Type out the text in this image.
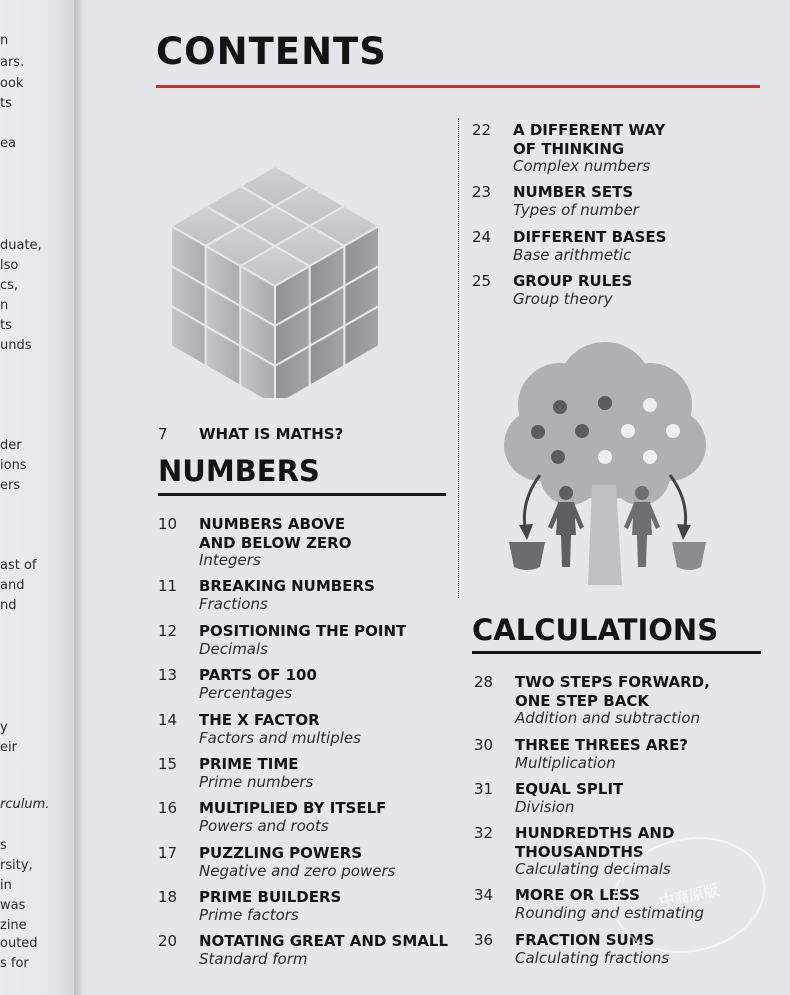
n
ars.
ook
ts
ea
duate,
lso
cs,
n
ts
unds
der
ions
ers
ast of
and
nd
y
eir
rculum.
s
rsity,
in
was
zine
outed
s for
CONTENTS
7 WHAT IS MATHS?
NUMBERS
10 NUMBERS ABOVE
AND BELOW ZERO
Integers
11 BREAKING NUMBERS
Fractions
12 POSITIONING THE POINT
Decimals
13 PARTS OF 100
Percentages
14 THE X FACTOR
Factors and multiples
15 PRIME TIME
Prime numbers
16 MULTIPLIED BY ITSELF
Powers and roots
17 PUZZLING POWERS
Negative and zero powers
18 PRIME BUILDERS
Prime factors
20 NOTATING GREAT AND SMALL
Standard form
22 A DIFFERENT WAY
OF THINKING
Complex numbers
23 NUMBER SETS
Types of number
24 DIFFERENT BASES
Base arithmetic
25 GROUP RULES
Group theory
CALCULATIONS
28 TWO STEPS FORWARD,
ONE STEP BACK
Addition and subtraction
30 THREE THREES ARE?
Multiplication
31 EQUAL SPLIT
Division
32 HUNDREDTHS AND
THOUSANDTHS
Calculating decimals
34 MORE OR LESS
Rounding and estimating
36 FRACTION SUMS
Calculating fractions
中商原版
